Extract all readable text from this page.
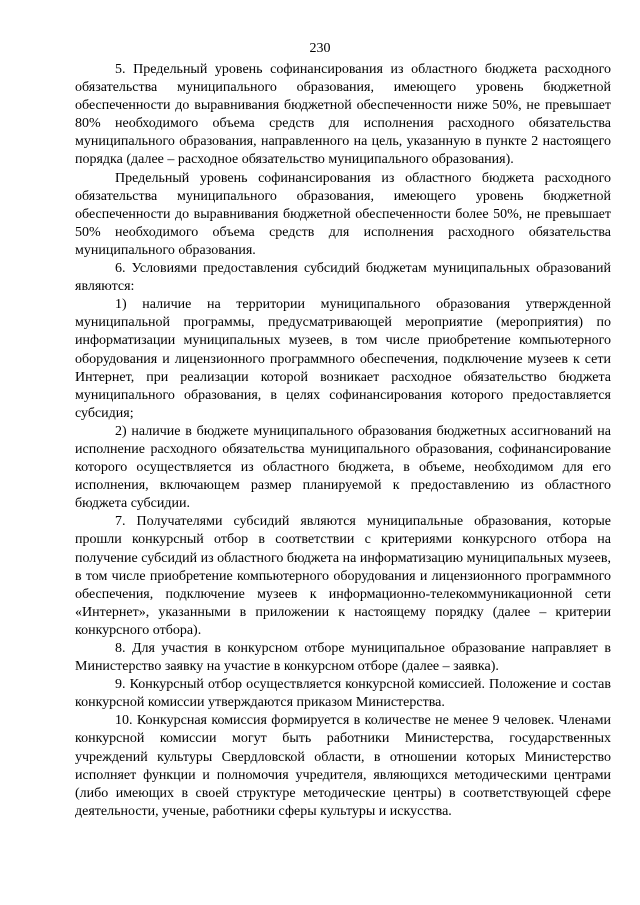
230

5. Предельный уровень софинансирования из областного бюджета расходного обязательства муниципального образования, имеющего уровень бюджетной обеспеченности до выравнивания бюджетной обеспеченности ниже 50%, не превышает 80% необходимого объема средств для исполнения расходного обязательства муниципального образования, направленного на цель, указанную в пункте 2 настоящего порядка (далее – расходное обязательство муниципального образования).

Предельный уровень софинансирования из областного бюджета расходного обязательства муниципального образования, имеющего уровень бюджетной обеспеченности до выравнивания бюджетной обеспеченности более 50%, не превышает 50% необходимого объема средств для исполнения расходного обязательства муниципального образования.

6. Условиями предоставления субсидий бюджетам муниципальных образований являются:

1) наличие на территории муниципального образования утвержденной муниципальной программы, предусматривающей мероприятие (мероприятия) по информатизации муниципальных музеев, в том числе приобретение компьютерного оборудования и лицензионного программного обеспечения, подключение музеев к сети Интернет, при реализации которой возникает расходное обязательство бюджета муниципального образования, в целях софинансирования которого предоставляется субсидия;

2) наличие в бюджете муниципального образования бюджетных ассигнований на исполнение расходного обязательства муниципального образования, софинансирование которого осуществляется из областного бюджета, в объеме, необходимом для его исполнения, включающем размер планируемой к предоставлению из областного бюджета субсидии.

7. Получателями субсидий являются муниципальные образования, которые прошли конкурсный отбор в соответствии с критериями конкурсного отбора на получение субсидий из областного бюджета на информатизацию муниципальных музеев, в том числе приобретение компьютерного оборудования и лицензионного программного обеспечения, подключение музеев к информационно-телекоммуникационной сети «Интернет», указанными в приложении к настоящему порядку (далее – критерии конкурсного отбора).

8. Для участия в конкурсном отборе муниципальное образование направляет в Министерство заявку на участие в конкурсном отборе (далее – заявка).

9. Конкурсный отбор осуществляется конкурсной комиссией. Положение и состав конкурсной комиссии утверждаются приказом Министерства.

10. Конкурсная комиссия формируется в количестве не менее 9 человек. Членами конкурсной комиссии могут быть работники Министерства, государственных учреждений культуры Свердловской области, в отношении которых Министерство исполняет функции и полномочия учредителя, являющихся методическими центрами (либо имеющих в своей структуре методические центры) в соответствующей сфере деятельности, ученые, работники сферы культуры и искусства.
